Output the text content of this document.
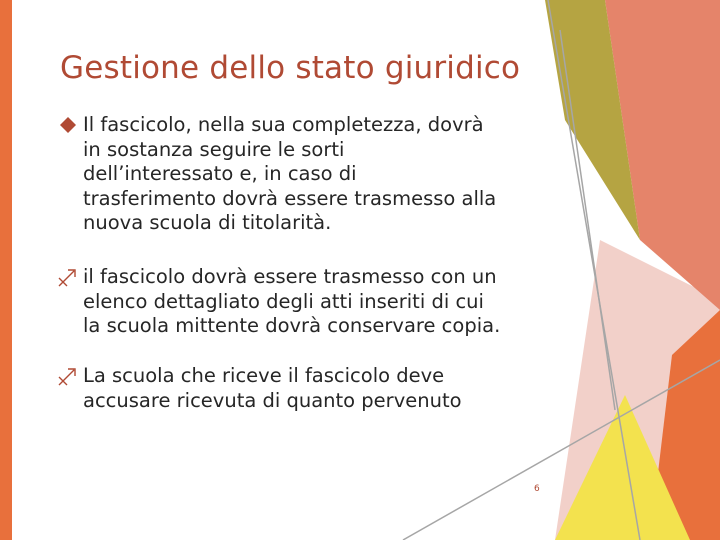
Gestione dello stato giuridico
Il fascicolo, nella sua completezza, dovrà
in sostanza seguire le sorti
dell’interessato e, in caso di
trasferimento dovrà essere trasmesso alla
nuova scuola di titolarità.
il fascicolo dovrà essere trasmesso con un
elenco dettagliato degli atti inseriti di cui
la scuola mittente dovrà conservare copia.
La scuola che riceve il fascicolo deve
accusare ricevuta di quanto pervenuto
6
